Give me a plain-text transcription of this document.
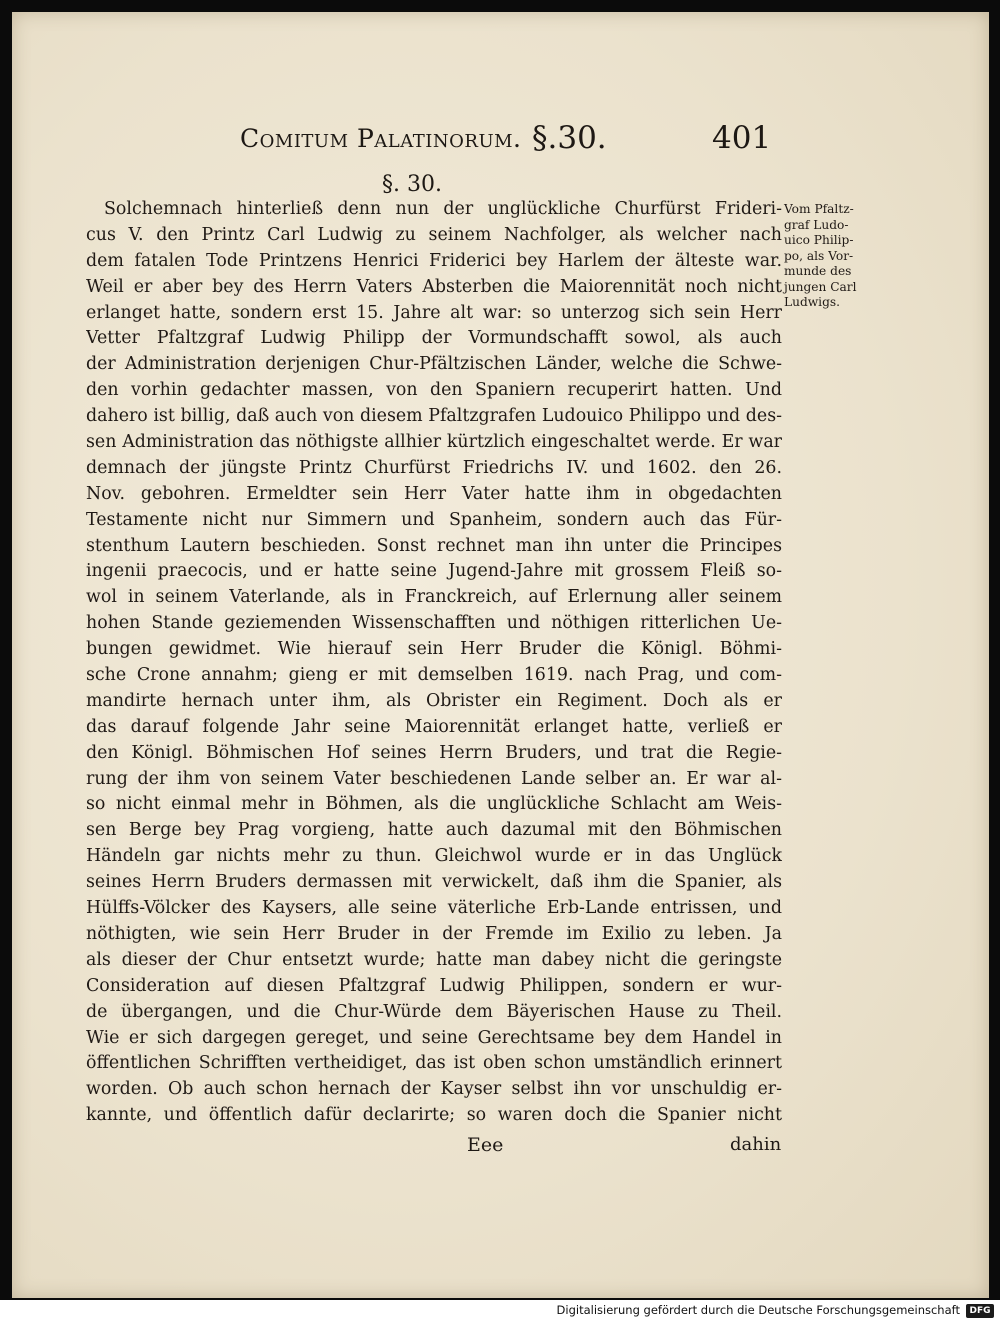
Comitum Palatinorum. §.30.	401
§. 30.
Solchemnach hinterließ denn nun der unglückliche Churfürst Frideri-
cus V. den Printz Carl Ludwig zu seinem Nachfolger, als welcher nach
dem fatalen Tode Printzens Henrici Friderici bey Harlem der älteste war.
Weil er aber bey des Herrn Vaters Absterben die Maiorennität noch nicht
erlanget hatte, sondern erst 15. Jahre alt war: so unterzog sich sein Herr
Vetter Pfaltzgraf Ludwig Philipp der Vormundschafft sowol, als auch
der Administration derjenigen Chur-Pfältzischen Länder, welche die Schwe-
den vorhin gedachter massen, von den Spaniern recuperirt hatten. Und
dahero ist billig, daß auch von diesem Pfaltzgrafen Ludouico Philippo und des-
sen Administration das nöthigste allhier kürtzlich eingeschaltet werde. Er war
demnach der jüngste Printz Churfürst Friedrichs IV. und 1602. den 26.
Nov. gebohren. Ermeldter sein Herr Vater hatte ihm in obgedachten
Testamente nicht nur Simmern und Spanheim, sondern auch das Für-
stenthum Lautern beschieden. Sonst rechnet man ihn unter die Principes
ingenii praecocis, und er hatte seine Jugend-Jahre mit grossem Fleiß so-
wol in seinem Vaterlande, als in Franckreich, auf Erlernung aller seinem
hohen Stande geziemenden Wissenschafften und nöthigen ritterlichen Ue-
bungen gewidmet. Wie hierauf sein Herr Bruder die Königl. Böhmi-
sche Crone annahm; gieng er mit demselben 1619. nach Prag, und com-
mandirte hernach unter ihm, als Obrister ein Regiment. Doch als er
das darauf folgende Jahr seine Maiorennität erlanget hatte, verließ er
den Königl. Böhmischen Hof seines Herrn Bruders, und trat die Regie-
rung der ihm von seinem Vater beschiedenen Lande selber an. Er war al-
so nicht einmal mehr in Böhmen, als die unglückliche Schlacht am Weis-
sen Berge bey Prag vorgieng, hatte auch dazumal mit den Böhmischen
Händeln gar nichts mehr zu thun. Gleichwol wurde er in das Unglück
seines Herrn Bruders dermassen mit verwickelt, daß ihm die Spanier, als
Hülffs-Völcker des Kaysers, alle seine väterliche Erb-Lande entrissen, und
nöthigten, wie sein Herr Bruder in der Fremde im Exilio zu leben. Ja
als dieser der Chur entsetzt wurde; hatte man dabey nicht die geringste
Consideration auf diesen Pfaltzgraf Ludwig Philippen, sondern er wur-
de übergangen, und die Chur-Würde dem Bäyerischen Hause zu Theil.
Wie er sich dargegen gereget, und seine Gerechtsame bey dem Handel in
öffentlichen Schrifften vertheidiget, das ist oben schon umständlich erinnert
worden. Ob auch schon hernach der Kayser selbst ihn vor unschuldig er-
kannte, und öffentlich dafür declarirte; so waren doch die Spanier nicht
Vom Pfaltz-
graf Ludo-
uico Philip-
po, als Vor-
munde des
jungen Carl
Ludwigs.
Eee	dahin
Digitalisierung gefördert durch die Deutsche Forschungsgemeinschaft	DFG
